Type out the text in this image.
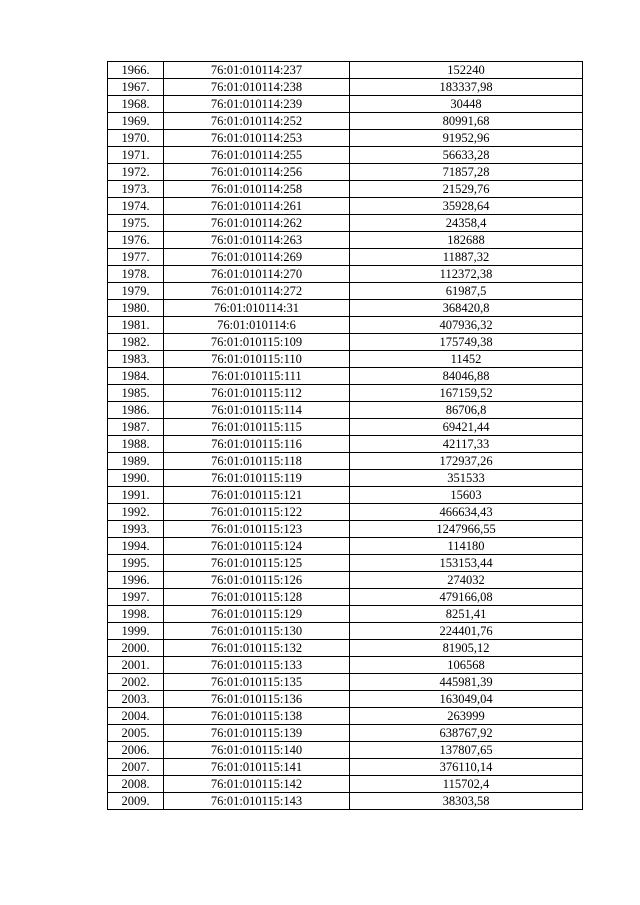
1966.	76:01:010114:237	152240
1967.	76:01:010114:238	183337,98
1968.	76:01:010114:239	30448
1969.	76:01:010114:252	80991,68
1970.	76:01:010114:253	91952,96
1971.	76:01:010114:255	56633,28
1972.	76:01:010114:256	71857,28
1973.	76:01:010114:258	21529,76
1974.	76:01:010114:261	35928,64
1975.	76:01:010114:262	24358,4
1976.	76:01:010114:263	182688
1977.	76:01:010114:269	11887,32
1978.	76:01:010114:270	112372,38
1979.	76:01:010114:272	61987,5
1980.	76:01:010114:31	368420,8
1981.	76:01:010114:6	407936,32
1982.	76:01:010115:109	175749,38
1983.	76:01:010115:110	11452
1984.	76:01:010115:111	84046,88
1985.	76:01:010115:112	167159,52
1986.	76:01:010115:114	86706,8
1987.	76:01:010115:115	69421,44
1988.	76:01:010115:116	42117,33
1989.	76:01:010115:118	172937,26
1990.	76:01:010115:119	351533
1991.	76:01:010115:121	15603
1992.	76:01:010115:122	466634,43
1993.	76:01:010115:123	1247966,55
1994.	76:01:010115:124	114180
1995.	76:01:010115:125	153153,44
1996.	76:01:010115:126	274032
1997.	76:01:010115:128	479166,08
1998.	76:01:010115:129	8251,41
1999.	76:01:010115:130	224401,76
2000.	76:01:010115:132	81905,12
2001.	76:01:010115:133	106568
2002.	76:01:010115:135	445981,39
2003.	76:01:010115:136	163049,04
2004.	76:01:010115:138	263999
2005.	76:01:010115:139	638767,92
2006.	76:01:010115:140	137807,65
2007.	76:01:010115:141	376110,14
2008.	76:01:010115:142	115702,4
2009.	76:01:010115:143	38303,58
